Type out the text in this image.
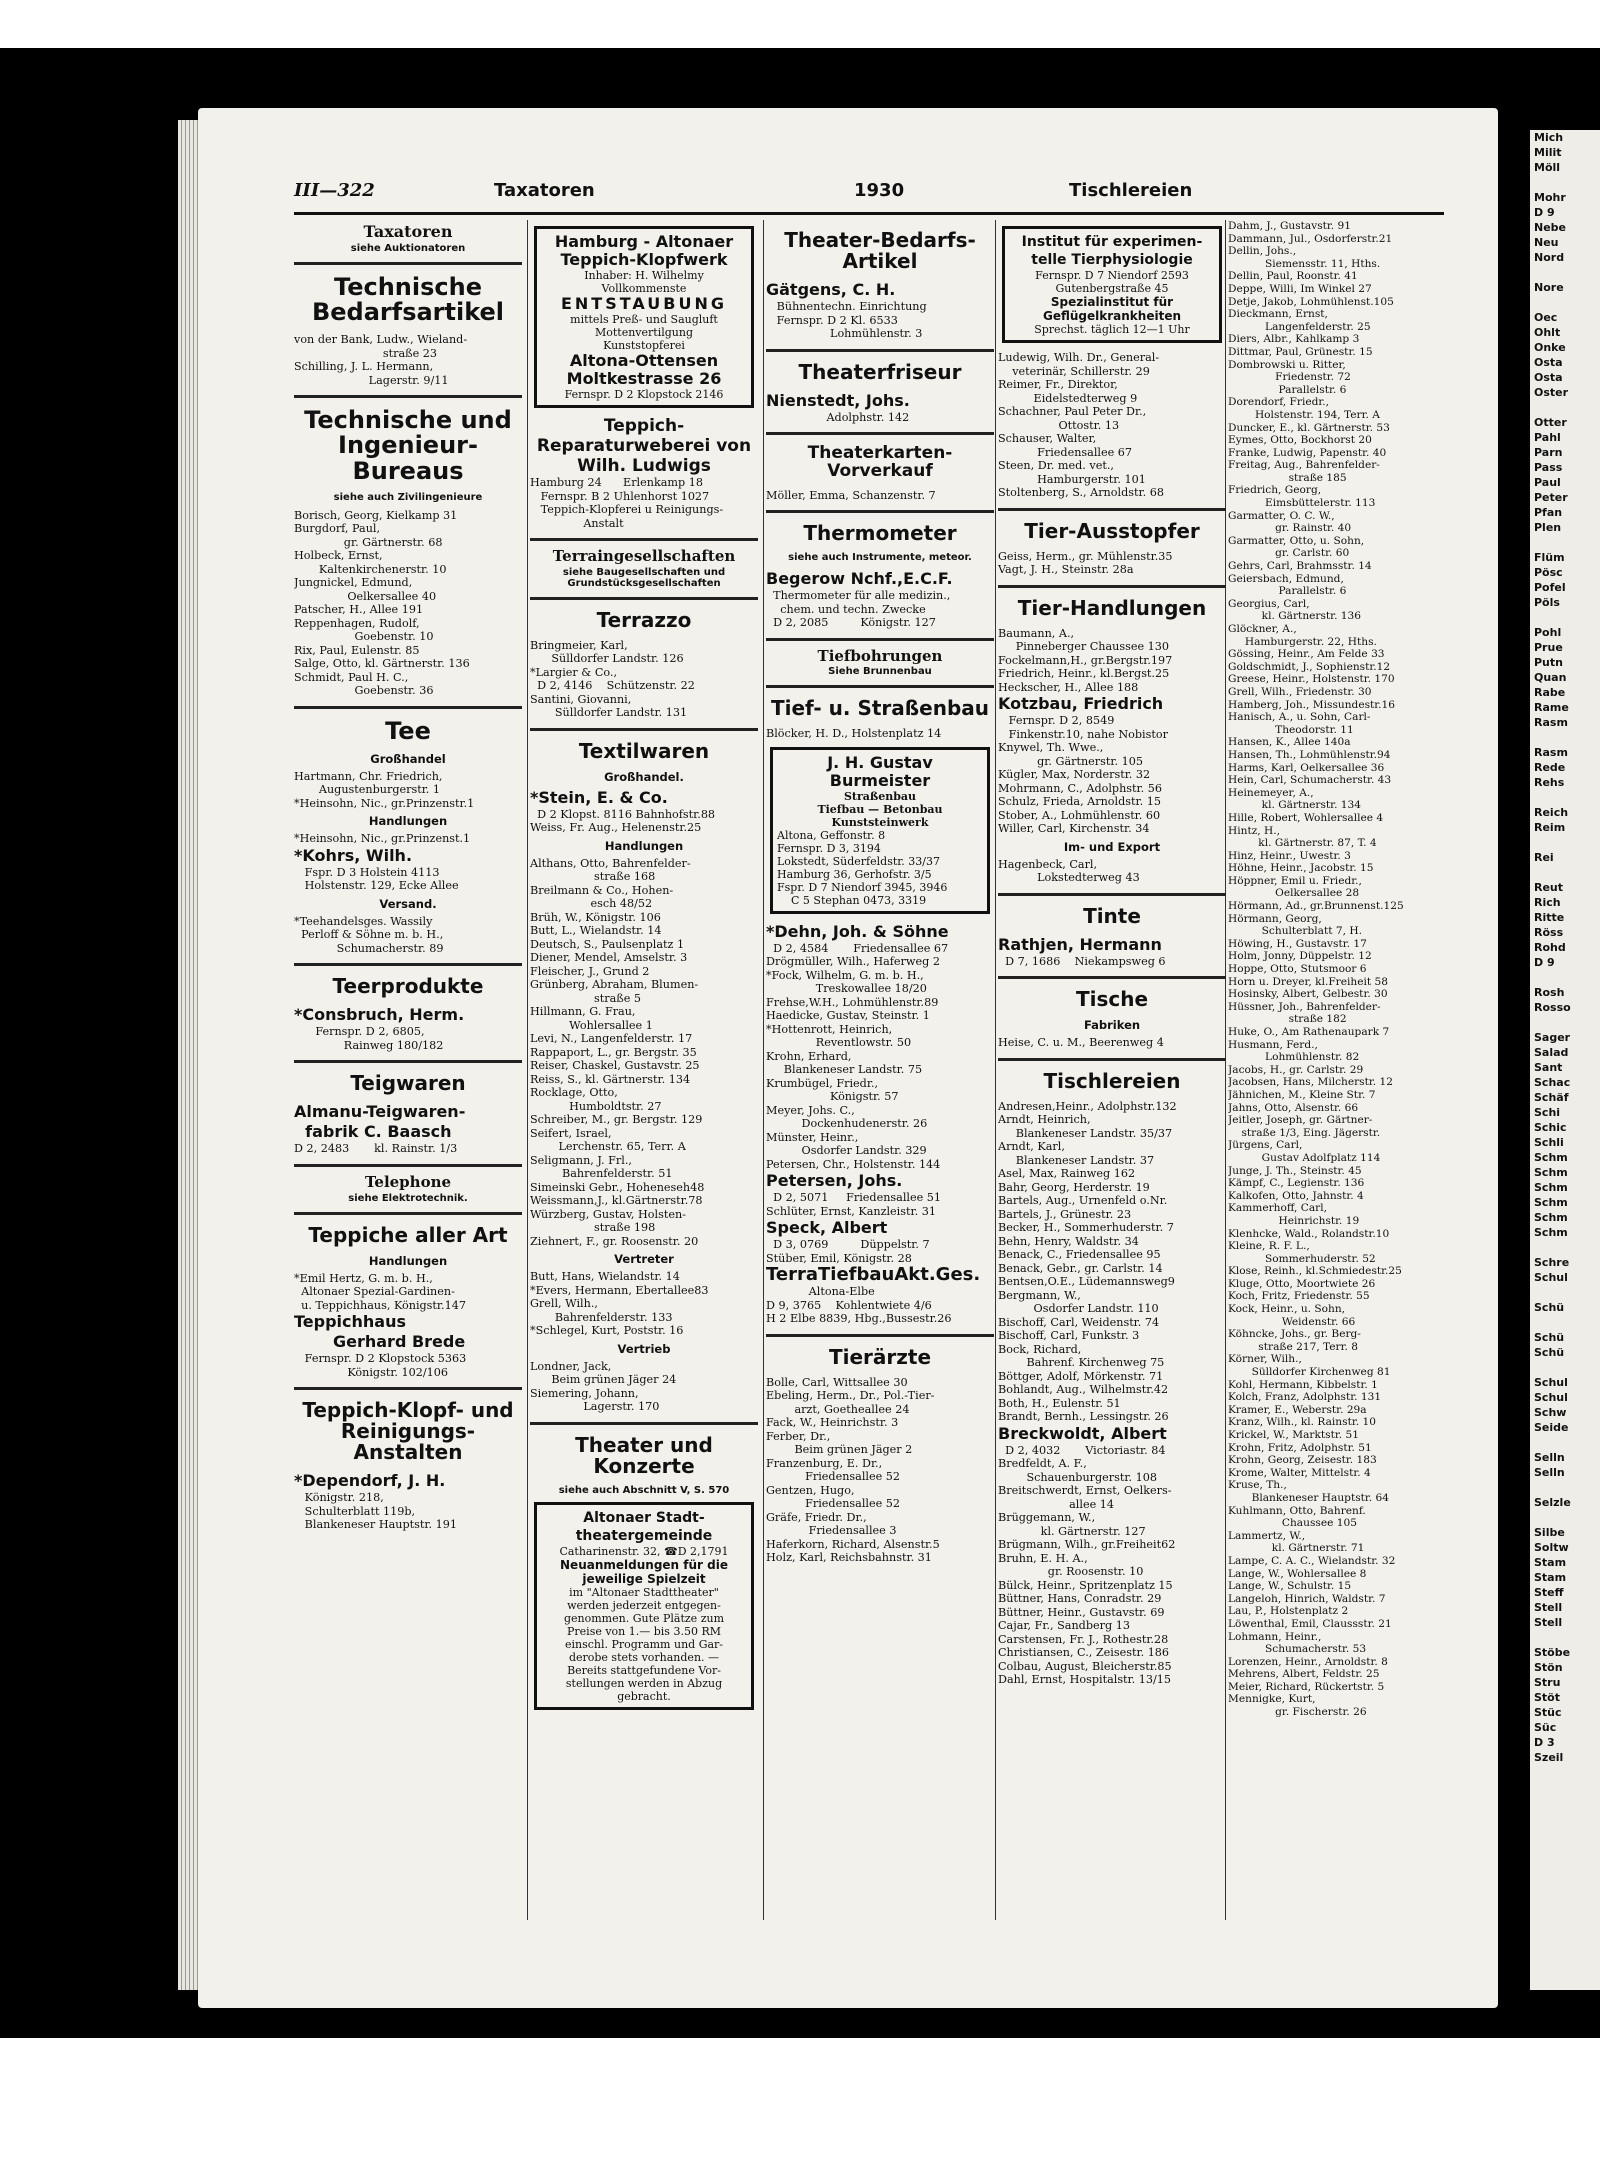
Mich
Milit
Möll

Mohr
D 9
Nebe
Neu
Nord

Nore

Oec
Ohlt
Onke
Osta
Osta
Oster

Otter
Pahl
Parn
Pass
Paul
Peter
Pfan
Plen

Flüm
Pösc
Pofel
Pöls

Pohl
Prue
Putn
Quan
Rabe
Rame
Rasm

Rasm
Rede
Rehs

Reich
Reim

Rei

Reut
Rich
Ritte
Röss
Rohd
D 9

Rosh
Rosso

Sager
Salad
Sant
Schac
Schäf
Schi
Schic
Schli
Schm
Schm
Schm
Schm
Schm
Schm

Schre
Schul

Schü

Schü
Schü

Schul
Schul
Schw
Seide

Selln
Selln

Selzle

Silbe
Soltw
Stam
Stam
Steff
Stell
Stell

Stöbe
Stön
Stru
Stöt
Stüc
Süc
D 3
Szeil
Bleed Through
Repaired Document Plastic Covered Document
III—322	Taxatoren	1930	Tischlereien
Taxatoren
siehe Auktionatoren
Technische Bedarfsartikel
von der Bank, Ludw., Wieland-
straße 23
Schilling, J. L. Hermann,
Lagerstr. 9/11
Technische und Ingenieur-Bureaus
siehe auch Zivilingenieure
Borisch, Georg, Kielkamp 31
Burgdorf, Paul,
gr. Gärtnerstr. 68
Holbeck, Ernst,
Kaltenkirchenerstr. 10
Jungnickel, Edmund,
Oelkersallee 40
Patscher, H., Allee 191
Reppenhagen, Rudolf,
Goebenstr. 10
Rix, Paul, Eulenstr. 85
Salge, Otto, kl. Gärtnerstr. 136
Schmidt, Paul H. C.,
Goebenstr. 36
Tee
Großhandel
Hartmann, Chr. Friedrich,
Augustenburgerstr. 1
*Heinsohn, Nic., gr.Prinzenstr.1
Handlungen
*Heinsohn, Nic., gr.Prinzenst.1
*Kohrs, Wilh.
Fspr. D 3 Holstein 4113
Holstenstr. 129, Ecke Allee
Versand.
*Teehandelsges. Wassily
Perloff & Söhne m. b. H.,
Schumacherstr. 89
Teerprodukte
*Consbruch, Herm.
Fernspr. D 2, 6805,
Rainweg 180/182
Teigwaren
Almanu-Teigwaren-
fabrik C. Baasch
D 2, 2483       kl. Rainstr. 1/3
Telephone
siehe Elektrotechnik.
Teppiche aller Art
Handlungen
*Emil Hertz, G. m. b. H.,
Altonaer Spezial-Gardinen-
u. Teppichhaus, Königstr.147
Teppichhaus
Gerhard Brede
Fernspr. D 2 Klopstock 5363
Königstr. 102/106
Teppich-Klopf- und Reinigungs-Anstalten
*Dependorf, J. H.
Königstr. 218,
Schulterblatt 119b,
Blankeneser Hauptstr. 191
Hamburg - Altonaer
Teppich-Klopfwerk
Inhaber: H. Wilhelmy
Vollkommenste
ENTSTAUBUNG
mittels Preß- und Saugluft
Mottenvertilgung
Kunststopferei
Altona-Ottensen
Moltkestrasse 26
Fernspr. D 2 Klopstock 2146
Teppich-
Reparaturweberei von
Wilh. Ludwigs
Hamburg 24      Erlenkamp 18
Fernspr. B 2 Uhlenhorst 1027
Teppich-Klopferei u Reinigungs-
Anstalt
Terraingesellschaften
siehe Baugesellschaften und
Grundstücksgesellschaften
Terrazzo
Bringmeier, Karl,
Sülldorfer Landstr. 126
*Largier & Co.,
D 2, 4146    Schützenstr. 22
Santini, Giovanni,
Sülldorfer Landstr. 131
Textilwaren
Großhandel.
*Stein, E. & Co.
D 2 Klopst. 8116 Bahnhofstr.88
Weiss, Fr. Aug., Helenenstr.25
Handlungen
Althans, Otto, Bahrenfelder-
straße 168
Breilmann & Co., Hohen-
esch 48/52
Brüh, W., Königstr. 106
Butt, L., Wielandstr. 14
Deutsch, S., Paulsenplatz 1
Diener, Mendel, Amselstr. 3
Fleischer, J., Grund 2
Grünberg, Abraham, Blumen-
straße 5
Hillmann, G. Frau,
Wohlersallee 1
Levi, N., Langenfelderstr. 17
Rappaport, L., gr. Bergstr. 35
Reiser, Chaskel, Gustavstr. 25
Reiss, S., kl. Gärtnerstr. 134
Rocklage, Otto,
Humboldtstr. 27
Schreiber, M., gr. Bergstr. 129
Seifert, Israel,
Lerchenstr. 65, Terr. A
Seligmann, J. Frl.,
Bahrenfelderstr. 51
Simeinski Gebr., Hoheneseh48
Weissmann,J., kl.Gärtnerstr.78
Würzberg, Gustav, Holsten-
straße 198
Ziehnert, F., gr. Roosenstr. 20
Vertreter
Butt, Hans, Wielandstr. 14
*Evers, Hermann, Ebertallee83
Grell, Wilh.,
Bahrenfelderstr. 133
*Schlegel, Kurt, Poststr. 16
Vertrieb
Londner, Jack,
Beim grünen Jäger 24
Siemering, Johann,
Lagerstr. 170
Theater und Konzerte
siehe auch Abschnitt V, S. 570
Altonaer Stadt-
theatergemeinde
Catharinenstr. 32, ☎D 2,1791
Neuanmeldungen für die
jeweilige Spielzeit
im "Altonaer Stadttheater"
werden jederzeit entgegen-
genommen. Gute Plätze zum
Preise von 1.— bis 3.50 RM
einschl. Programm und Gar-
derobe stets vorhanden. —
Bereits stattgefundene Vor-
stellungen werden in Abzug
gebracht.
Theater-Bedarfs-
Artikel
Gätgens, C. H.
Bühnentechn. Einrichtung
Fernspr. D 2 Kl. 6533
Lohmühlenstr. 3
Theaterfriseur
Nienstedt, Johs.
Adolphstr. 142
Theaterkarten-
Vorverkauf
Möller, Emma, Schanzenstr. 7
Thermometer
siehe auch Instrumente, meteor.
Begerow Nchf.,E.C.F.
Thermometer für alle medizin.,
chem. und techn. Zwecke
D 2, 2085         Königstr. 127
Tiefbohrungen
Siehe Brunnenbau
Tief- u. Straßenbau
Blöcker, H. D., Holstenplatz 14
J. H. Gustav Burmeister
Straßenbau
Tiefbau — Betonbau
Kunststeinwerk
Altona, Geffonstr. 8
Fernspr. D 3, 3194
Lokstedt, Süderfeldstr. 33/37
Hamburg 36, Gerhofstr. 3/5
Fspr. D 7 Niendorf 3945, 3946
C 5 Stephan 0473, 3319
*Dehn, Joh. & Söhne
D 2, 4584       Friedensallee 67
Drögmüller, Wilh., Haferweg 2
*Fock, Wilhelm, G. m. b. H.,
Treskowallee 18/20
Frehse,W.H., Lohmühlenstr.89
Haedicke, Gustav, Steinstr. 1
*Hottenrott, Heinrich,
Reventlowstr. 50
Krohn, Erhard,
Blankeneser Landstr. 75
Krumbügel, Friedr.,
Königstr. 57
Meyer, Johs. C.,
Dockenhudenerstr. 26
Münster, Heinr.,
Osdorfer Landstr. 329
Petersen, Chr., Holstenstr. 144
Petersen, Johs.
D 2, 5071     Friedensallee 51
Schlüter, Ernst, Kanzleistr. 31
Speck, Albert
D 3, 0769         Düppelstr. 7
Stüber, Emil, Königstr. 28
TerraTiefbauAkt.Ges.
Altona-Elbe
D 9, 3765    Kohlentwiete 4/6
H 2 Elbe 8839, Hbg.,Bussestr.26
Tierärzte
Bolle, Carl, Wittsallee 30
Ebeling, Herm., Dr., Pol.-Tier-
arzt, Goetheallee 24
Fack, W., Heinrichstr. 3
Ferber, Dr.,
Beim grünen Jäger 2
Franzenburg, E. Dr.,
Friedensallee 52
Gentzen, Hugo,
Friedensallee 52
Gräfe, Friedr. Dr.,
Friedensallee 3
Haferkorn, Richard, Alsenstr.5
Holz, Karl, Reichsbahnstr. 31
Institut für experimen-
telle Tierphysiologie
Fernspr. D 7 Niendorf 2593
Gutenbergstraße 45
Spezialinstitut für
Geflügelkrankheiten
Sprechst. täglich 12—1 Uhr
Ludewig, Wilh. Dr., General-
veterinär, Schillerstr. 29
Reimer, Fr., Direktor,
Eidelstedterweg 9
Schachner, Paul Peter Dr.,
Ottostr. 13
Schauser, Walter,
Friedensallee 67
Steen, Dr. med. vet.,
Hamburgerstr. 101
Stoltenberg, S., Arnoldstr. 68
Tier-Ausstopfer
Geiss, Herm., gr. Mühlenstr.35
Vagt, J. H., Steinstr. 28a
Tier-Handlungen
Baumann, A.,
Pinneberger Chaussee 130
Fockelmann,H., gr.Bergstr.197
Friedrich, Heinr., kl.Bergst.25
Heckscher, H., Allee 188
Kotzbau, Friedrich
Fernspr. D 2, 8549
Finkenstr.10, nahe Nobistor
Knywel, Th. Wwe.,
gr. Gärtnerstr. 105
Kügler, Max, Norderstr. 32
Mohrmann, C., Adolphstr. 56
Schulz, Frieda, Arnoldstr. 15
Stober, A., Lohmühlenstr. 60
Willer, Carl, Kirchenstr. 34
Im- und Export
Hagenbeck, Carl,
Lokstedterweg 43
Tinte
Rathjen, Hermann
D 7, 1686    Niekampsweg 6
Tische
Fabriken
Heise, C. u. M., Beerenweg 4
Tischlereien
Andresen,Heinr., Adolphstr.132
Arndt, Heinrich,
Blankeneser Landstr. 35/37
Arndt, Karl,
Blankeneser Landstr. 37
Asel, Max, Rainweg 162
Bahr, Georg, Herderstr. 19
Bartels, Aug., Urnenfeld o.Nr.
Bartels, J., Grünestr. 23
Becker, H., Sommerhuderstr. 7
Behn, Henry, Waldstr. 34
Benack, C., Friedensallee 95
Benack, Gebr., gr. Carlstr. 14
Bentsen,O.E., Lüdemannsweg9
Bergmann, W.,
Osdorfer Landstr. 110
Bischoff, Carl, Weidenstr. 74
Bischoff, Carl, Funkstr. 3
Bock, Richard,
Bahrenf. Kirchenweg 75
Böttger, Adolf, Mörkenstr. 71
Bohlandt, Aug., Wilhelmstr.42
Both, H., Eulenstr. 51
Brandt, Bernh., Lessingstr. 26
Breckwoldt, Albert
D 2, 4032       Victoriastr. 84
Bredfeldt, A. F.,
Schauenburgerstr. 108
Breitschwerdt, Ernst, Oelkers-
allee 14
Brüggemann, W.,
kl. Gärtnerstr. 127
Brügmann, Wilh., gr.Freiheit62
Bruhn, E. H. A.,
gr. Roosenstr. 10
Bülck, Heinr., Spritzenplatz 15
Büttner, Hans, Conradstr. 29
Büttner, Heinr., Gustavstr. 69
Cajar, Fr., Sandberg 13
Carstensen, Fr. J., Rothestr.28
Christiansen, C., Zeisestr. 186
Colbau, August, Bleicherstr.85
Dahl, Ernst, Hospitalstr. 13/15
Dahm, J., Gustavstr. 91
Dammann, Jul., Osdorferstr.21
Dellin, Johs.,
Siemensstr. 11, Hths.
Dellin, Paul, Roonstr. 41
Deppe, Willi, Im Winkel 27
Detje, Jakob, Lohmühlenst.105
Dieckmann, Ernst,
Langenfelderstr. 25
Diers, Albr., Kahlkamp 3
Dittmar, Paul, Grünestr. 15
Dombrowski u. Ritter,
Friedenstr. 72
Parallelstr. 6
Dorendorf, Friedr.,
Holstenstr. 194, Terr. A
Duncker, E., kl. Gärtnerstr. 53
Eymes, Otto, Bockhorst 20
Franke, Ludwig, Papenstr. 40
Freitag, Aug., Bahrenfelder-
straße 185
Friedrich, Georg,
Eimsbüttelerstr. 113
Garmatter, O. C. W.,
gr. Rainstr. 40
Garmatter, Otto, u. Sohn,
gr. Carlstr. 60
Gehrs, Carl, Brahmsstr. 14
Geiersbach, Edmund,
Parallelstr. 6
Georgius, Carl,
kl. Gärtnerstr. 136
Glöckner, A.,
Hamburgerstr. 22, Hths.
Gössing, Heinr., Am Felde 33
Goldschmidt, J., Sophienstr.12
Greese, Heinr., Holstenstr. 170
Grell, Wilh., Friedenstr. 30
Hamberg, Joh., Missundestr.16
Hanisch, A., u. Sohn, Carl-
Theodorstr. 11
Hansen, K., Allee 140a
Hansen, Th., Lohmühlenstr.94
Harms, Karl, Oelkersallee 36
Hein, Carl, Schumacherstr. 43
Heinemeyer, A.,
kl. Gärtnerstr. 134
Hille, Robert, Wohlersallee 4
Hintz, H.,
kl. Gärtnerstr. 87, T. 4
Hinz, Heinr., Uwestr. 3
Höhne, Heinr., Jacobstr. 15
Höppner, Emil u. Friedr.,
Oelkersallee 28
Hörmann, Ad., gr.Brunnenst.125
Hörmann, Georg,
Schulterblatt 7, H.
Höwing, H., Gustavstr. 17
Holm, Jonny, Düppelstr. 12
Hoppe, Otto, Stutsmoor 6
Horn u. Dreyer, kl.Freiheit 58
Hosinsky, Albert, Gelbestr. 30
Hüssner, Joh., Bahrenfelder-
straße 182
Huke, O., Am Rathenaupark 7
Husmann, Ferd.,
Lohmühlenstr. 82
Jacobs, H., gr. Carlstr. 29
Jacobsen, Hans, Milcherstr. 12
Jähnichen, M., Kleine Str. 7
Jahns, Otto, Alsenstr. 66
Jeitler, Joseph, gr. Gärtner-
straße 1/3, Eing. Jägerstr.
Jürgens, Carl,
Gustav Adolfplatz 114
Junge, J. Th., Steinstr. 45
Kämpf, C., Legienstr. 136
Kalkofen, Otto, Jahnstr. 4
Kammerhoff, Carl,
Heinrichstr. 19
Klenhcke, Wald., Rolandstr.10
Kleine, R. F. L.,
Sommerhuderstr. 52
Klose, Reinh., kl.Schmiedestr.25
Kluge, Otto, Moortwiete 26
Koch, Fritz, Friedenstr. 55
Kock, Heinr., u. Sohn,
Weidenstr. 66
Köhncke, Johs., gr. Berg-
straße 217, Terr. 8
Körner, Wilh.,
Sülldorfer Kirchenweg 81
Kohl, Hermann, Kibbelstr. 1
Kolch, Franz, Adolphstr. 131
Kramer, E., Weberstr. 29a
Kranz, Wilh., kl. Rainstr. 10
Krickel, W., Marktstr. 51
Krohn, Fritz, Adolphstr. 51
Krohn, Georg, Zeisestr. 183
Krome, Walter, Mittelstr. 4
Kruse, Th.,
Blankeneser Hauptstr. 64
Kuhlmann, Otto, Bahrenf.
Chaussee 105
Lammertz, W.,
kl. Gärtnerstr. 71
Lampe, C. A. C., Wielandstr. 32
Lange, W., Wohlersallee 8
Lange, W., Schulstr. 15
Langeloh, Hinrich, Waldstr. 7
Lau, P., Holstenplatz 2
Löwenthal, Emil, Claussstr. 21
Lohmann, Heinr.,
Schumacherstr. 53
Lorenzen, Heinr., Arnoldstr. 8
Mehrens, Albert, Feldstr. 25
Meier, Richard, Rückertstr. 5
Mennigke, Kurt,
gr. Fischerstr. 26
